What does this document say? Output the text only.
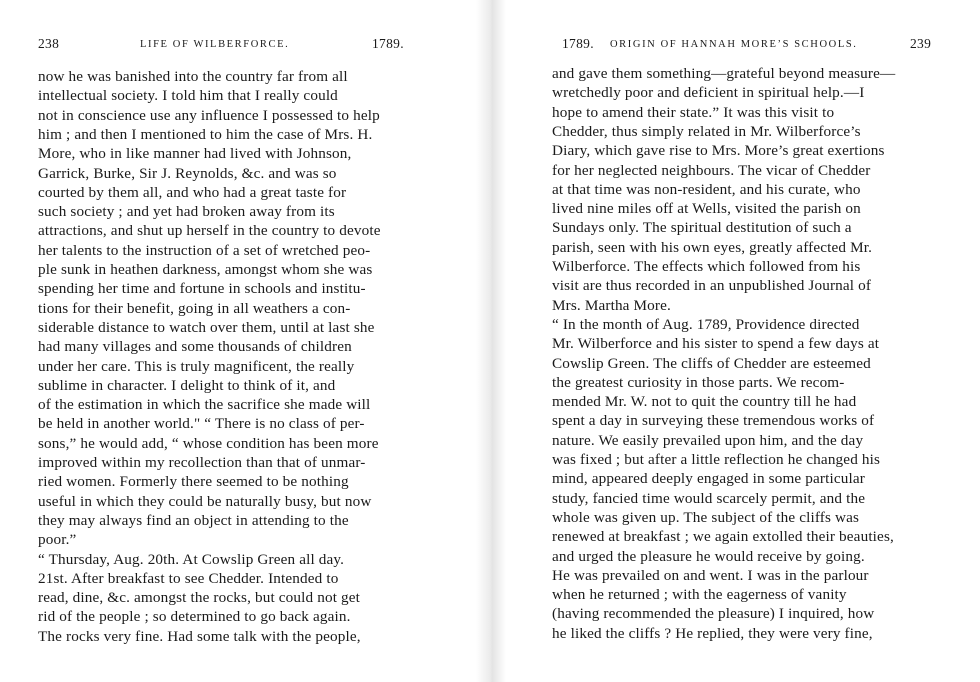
238	LIFE OF WILBERFORCE.	1789.
now he was banished into the country far from all
intellectual society. I told him that I really could
not in conscience use any influence I possessed to help
him ; and then I mentioned to him the case of Mrs. H.
More, who in like manner had lived with Johnson,
Garrick, Burke, Sir J. Reynolds, &c. and was so
courted by them all, and who had a great taste for
such society ; and yet had broken away from its
attractions, and shut up herself in the country to devote
her talents to the instruction of a set of wretched peo-
ple sunk in heathen darkness, amongst whom she was
spending her time and fortune in schools and institu-
tions for their benefit, going in all weathers a con-
siderable distance to watch over them, until at last she
had many villages and some thousands of children
under her care. This is truly magnificent, the really
sublime in character. I delight to think of it, and
of the estimation in which the sacrifice she made will
be held in another world." “ There is no class of per-
sons,” he would add, “ whose condition has been more
improved within my recollection than that of unmar-
ried women. Formerly there seemed to be nothing
useful in which they could be naturally busy, but now
they may always find an object in attending to the
poor.”
“ Thursday, Aug. 20th. At Cowslip Green all day.
21st. After breakfast to see Chedder. Intended to
read, dine, &c. amongst the rocks, but could not get
rid of the people ; so determined to go back again.
The rocks very fine. Had some talk with the people,
1789. ORIGIN OF HANNAH MORE’S SCHOOLS.	239
and gave them something—grateful beyond measure—
wretchedly poor and deficient in spiritual help.—I
hope to amend their state.” It was this visit to
Chedder, thus simply related in Mr. Wilberforce’s
Diary, which gave rise to Mrs. More’s great exertions
for her neglected neighbours. The vicar of Chedder
at that time was non-resident, and his curate, who
lived nine miles off at Wells, visited the parish on
Sundays only. The spiritual destitution of such a
parish, seen with his own eyes, greatly affected Mr.
Wilberforce. The effects which followed from his
visit are thus recorded in an unpublished Journal of
Mrs. Martha More.
“ In the month of Aug. 1789, Providence directed
Mr. Wilberforce and his sister to spend a few days at
Cowslip Green. The cliffs of Chedder are esteemed
the greatest curiosity in those parts. We recom-
mended Mr. W. not to quit the country till he had
spent a day in surveying these tremendous works of
nature. We easily prevailed upon him, and the day
was fixed ; but after a little reflection he changed his
mind, appeared deeply engaged in some particular
study, fancied time would scarcely permit, and the
whole was given up. The subject of the cliffs was
renewed at breakfast ; we again extolled their beauties,
and urged the pleasure he would receive by going.
He was prevailed on and went. I was in the parlour
when he returned ; with the eagerness of vanity
(having recommended the pleasure) I inquired, how
he liked the cliffs ? He replied, they were very fine,
